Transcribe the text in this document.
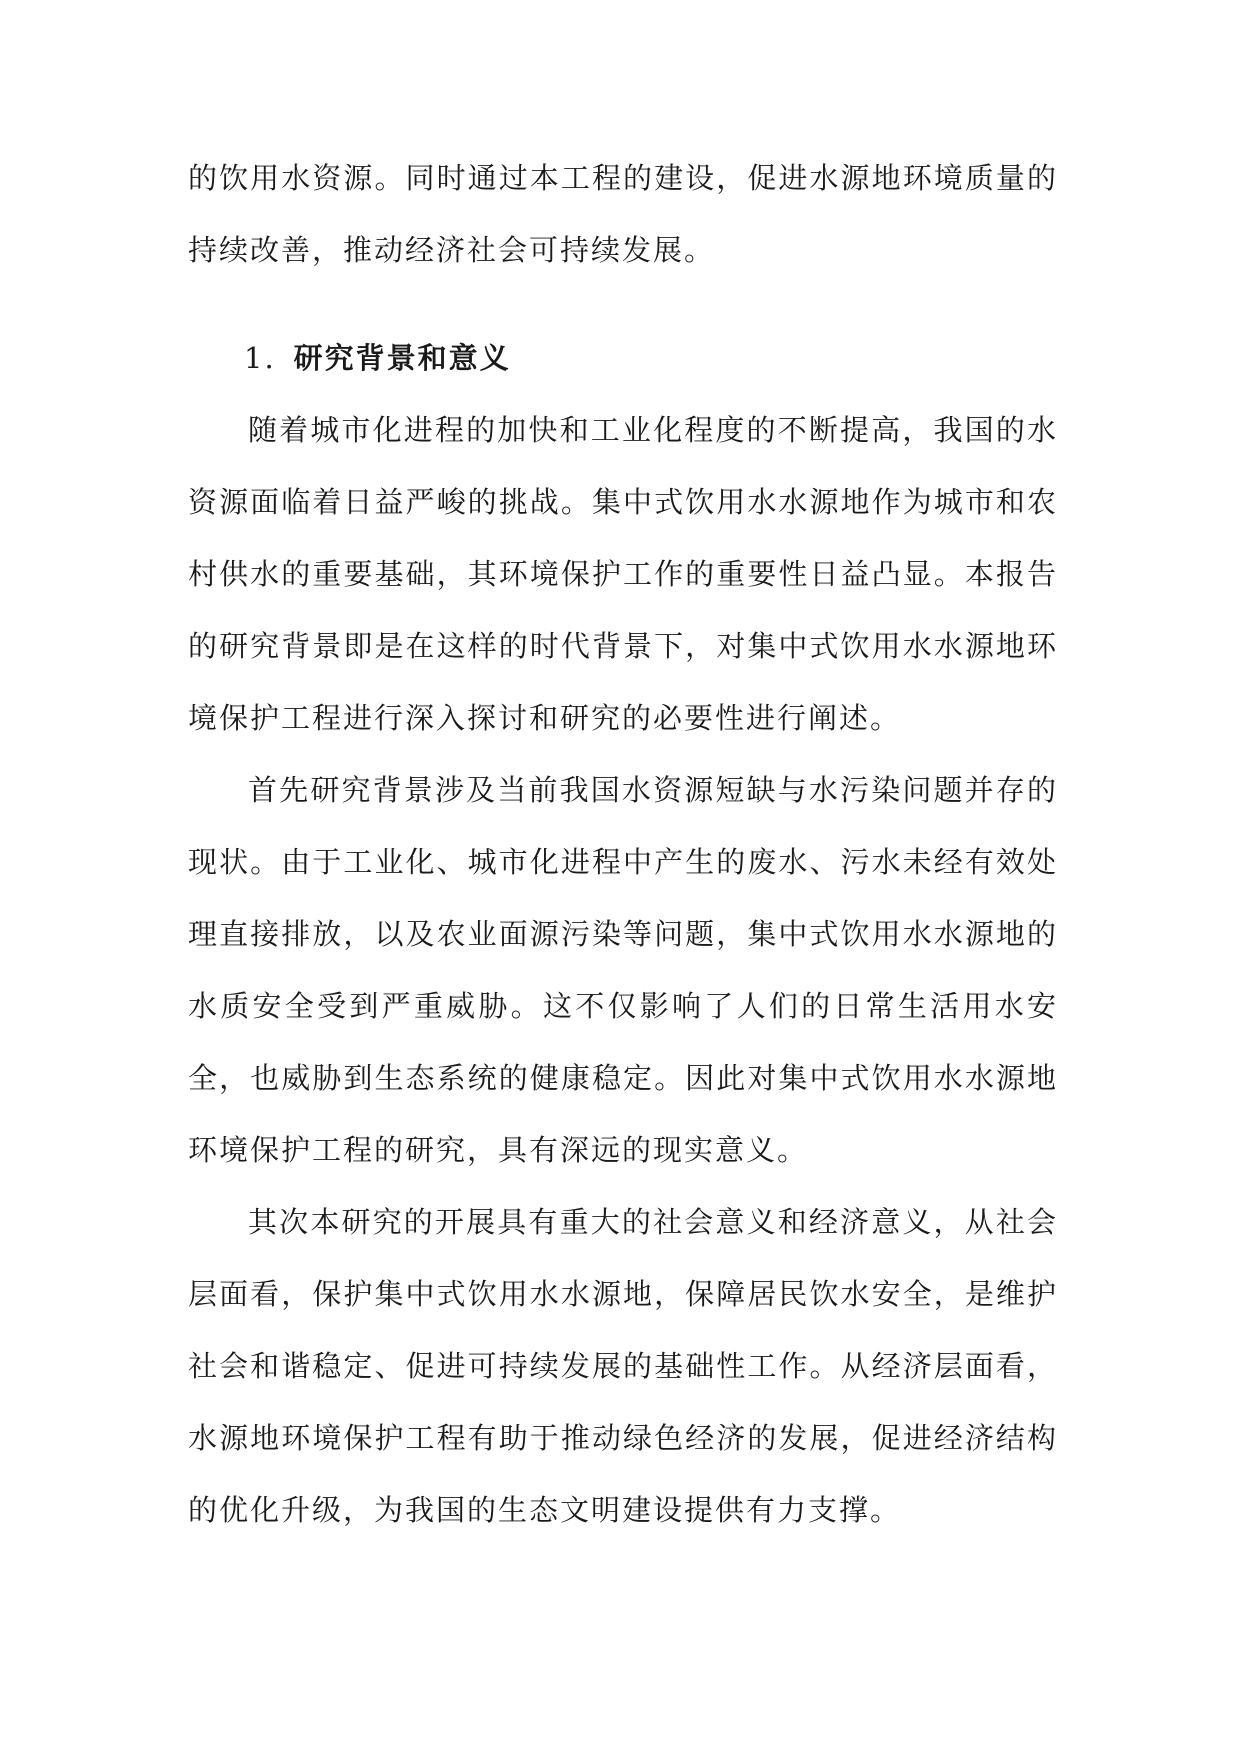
的饮用水资源。同时通过本工程的建设，促进水源地环境质量的持续改善，推动经济社会可持续发展。

1. 研究背景和意义

随着城市化进程的加快和工业化程度的不断提高，我国的水资源面临着日益严峻的挑战。集中式饮用水水源地作为城市和农村供水的重要基础，其环境保护工作的重要性日益凸显。本报告的研究背景即是在这样的时代背景下，对集中式饮用水水源地环境保护工程进行深入探讨和研究的必要性进行阐述。

首先研究背景涉及当前我国水资源短缺与水污染问题并存的现状。由于工业化、城市化进程中产生的废水、污水未经有效处理直接排放，以及农业面源污染等问题，集中式饮用水水源地的水质安全受到严重威胁。这不仅影响了人们的日常生活用水安全，也威胁到生态系统的健康稳定。因此对集中式饮用水水源地环境保护工程的研究，具有深远的现实意义。

其次本研究的开展具有重大的社会意义和经济意义，从社会层面看，保护集中式饮用水水源地，保障居民饮水安全，是维护社会和谐稳定、促进可持续发展的基础性工作。从经济层面看，水源地环境保护工程有助于推动绿色经济的发展，促进经济结构的优化升级，为我国的生态文明建设提供有力支撑。
